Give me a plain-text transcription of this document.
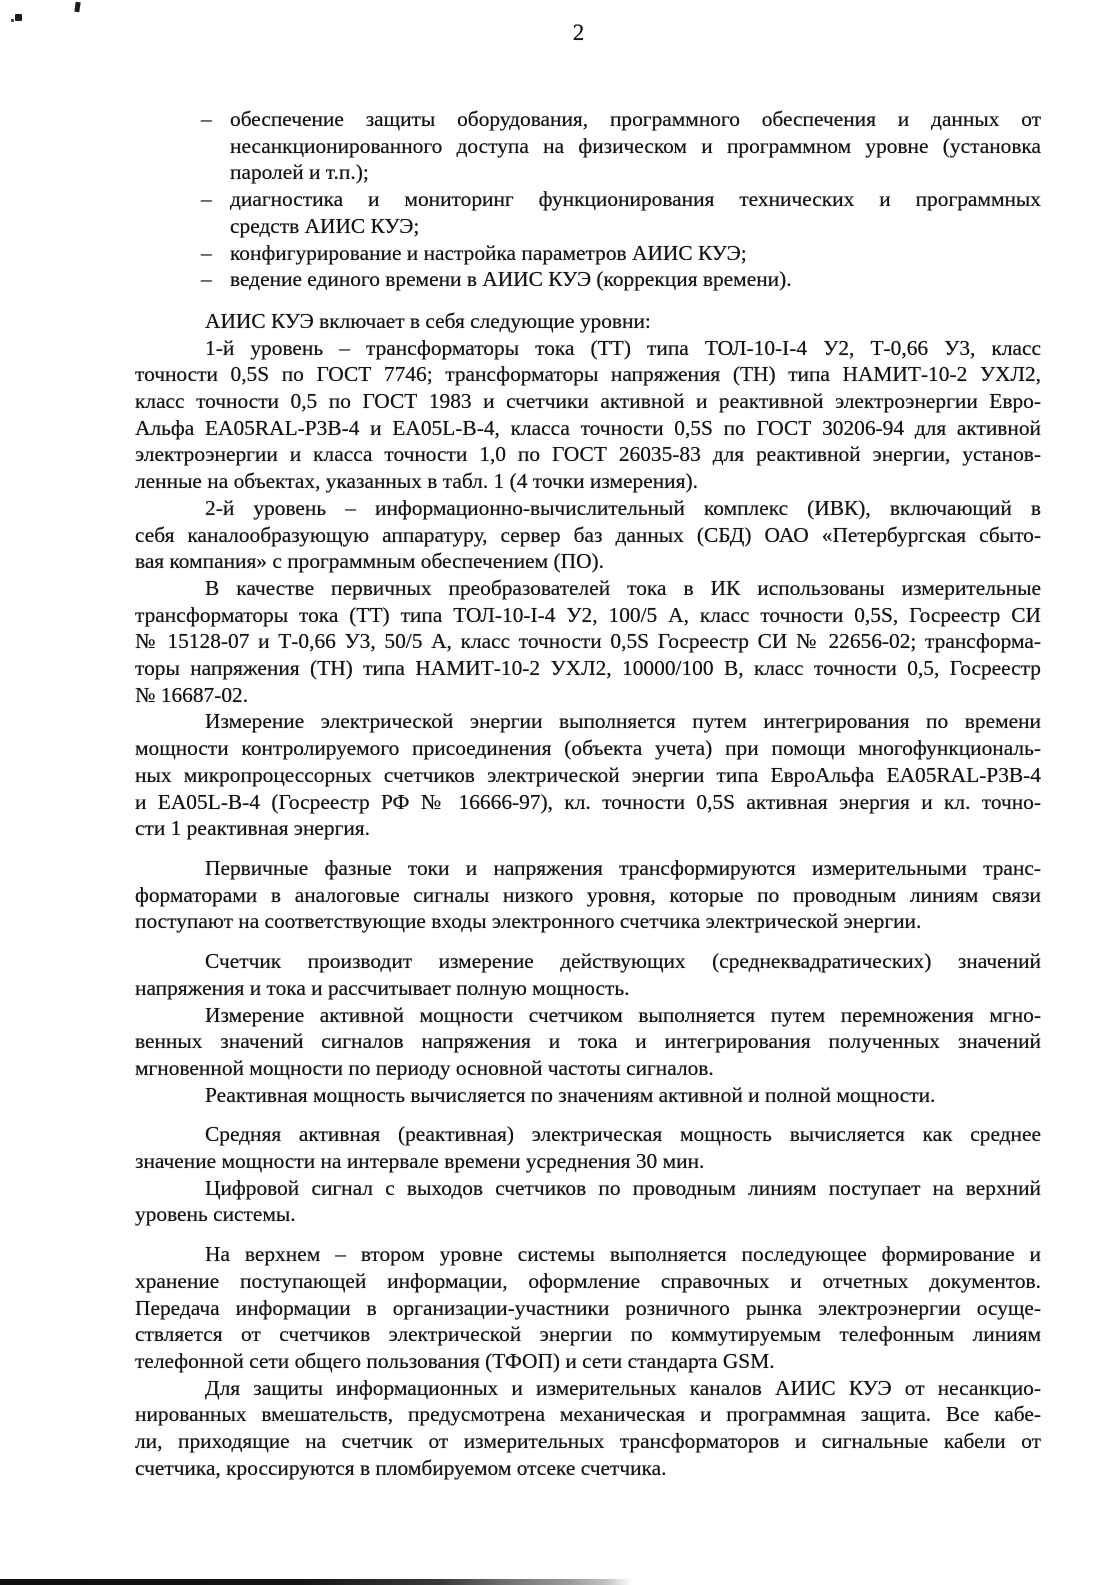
2
– обеспечение защиты оборудования, программного обеспечения и данных от
несанкционированного доступа на физическом и программном уровне (установка
паролей и т.п.);
– диагностика и мониторинг функционирования технических и программных
средств АИИС КУЭ;
– конфигурирование и настройка параметров АИИС КУЭ;
– ведение единого времени в АИИС КУЭ (коррекция времени).
АИИС КУЭ включает в себя следующие уровни:
1-й уровень – трансформаторы тока (ТТ) типа ТОЛ-10-I-4 У2, Т-0,66 У3, класс
точности 0,5S по ГОСТ 7746; трансформаторы напряжения (ТН) типа НАМИТ-10-2 УХЛ2,
класс точности 0,5 по ГОСТ 1983 и счетчики активной и реактивной электроэнергии Евро-
Альфа EA05RAL-P3B-4 и EA05L-B-4, класса точности 0,5S по ГОСТ 30206-94 для активной
электроэнергии и класса точности 1,0 по ГОСТ 26035-83 для реактивной энергии, установ-
ленные на объектах, указанных в табл. 1 (4 точки измерения).
2-й уровень – информационно-вычислительный комплекс (ИВК), включающий в
себя каналообразующую аппаратуру, сервер баз данных (СБД) ОАО «Петербургская сбыто-
вая компания» с программным обеспечением (ПО).
В качестве первичных преобразователей тока в ИК использованы измерительные
трансформаторы тока (ТТ) типа ТОЛ-10-I-4 У2, 100/5 А, класс точности 0,5S, Госреестр СИ
№ 15128-07 и Т-0,66 У3, 50/5 А, класс точности 0,5S Госреестр СИ № 22656-02; трансформа-
торы напряжения (ТН) типа НАМИТ-10-2 УХЛ2, 10000/100 В, класс точности 0,5, Госреестр
№ 16687-02.
Измерение электрической энергии выполняется путем интегрирования по времени
мощности контролируемого присоединения (объекта учета) при помощи многофункциональ-
ных микропроцессорных счетчиков электрической энергии типа ЕвроАльфа EA05RAL-P3B-4
и EA05L-B-4 (Госреестр РФ № 16666-97), кл. точности 0,5S активная энергия и кл. точно-
сти 1 реактивная энергия.
Первичные фазные токи и напряжения трансформируются измерительными транс-
форматорами в аналоговые сигналы низкого уровня, которые по проводным линиям связи
поступают на соответствующие входы электронного счетчика электрической энергии.
Счетчик производит измерение действующих (среднеквадратических) значений
напряжения и тока и рассчитывает полную мощность.
Измерение активной мощности счетчиком выполняется путем перемножения мгно-
венных значений сигналов напряжения и тока и интегрирования полученных значений
мгновенной мощности по периоду основной частоты сигналов.
Реактивная мощность вычисляется по значениям активной и полной мощности.
Средняя активная (реактивная) электрическая мощность вычисляется как среднее
значение мощности на интервале времени усреднения 30 мин.
Цифровой сигнал с выходов счетчиков по проводным линиям поступает на верхний
уровень системы.
На верхнем – втором уровне системы выполняется последующее формирование и
хранение поступающей информации, оформление справочных и отчетных документов.
Передача информации в организации-участники розничного рынка электроэнергии осуще-
ствляется от счетчиков электрической энергии по коммутируемым телефонным линиям
телефонной сети общего пользования (ТФОП) и сети стандарта GSM.
Для защиты информационных и измерительных каналов АИИС КУЭ от несанкцио-
нированных вмешательств, предусмотрена механическая и программная защита. Все кабе-
ли, приходящие на счетчик от измерительных трансформаторов и сигнальные кабели от
счетчика, кроссируются в пломбируемом отсеке счетчика.
